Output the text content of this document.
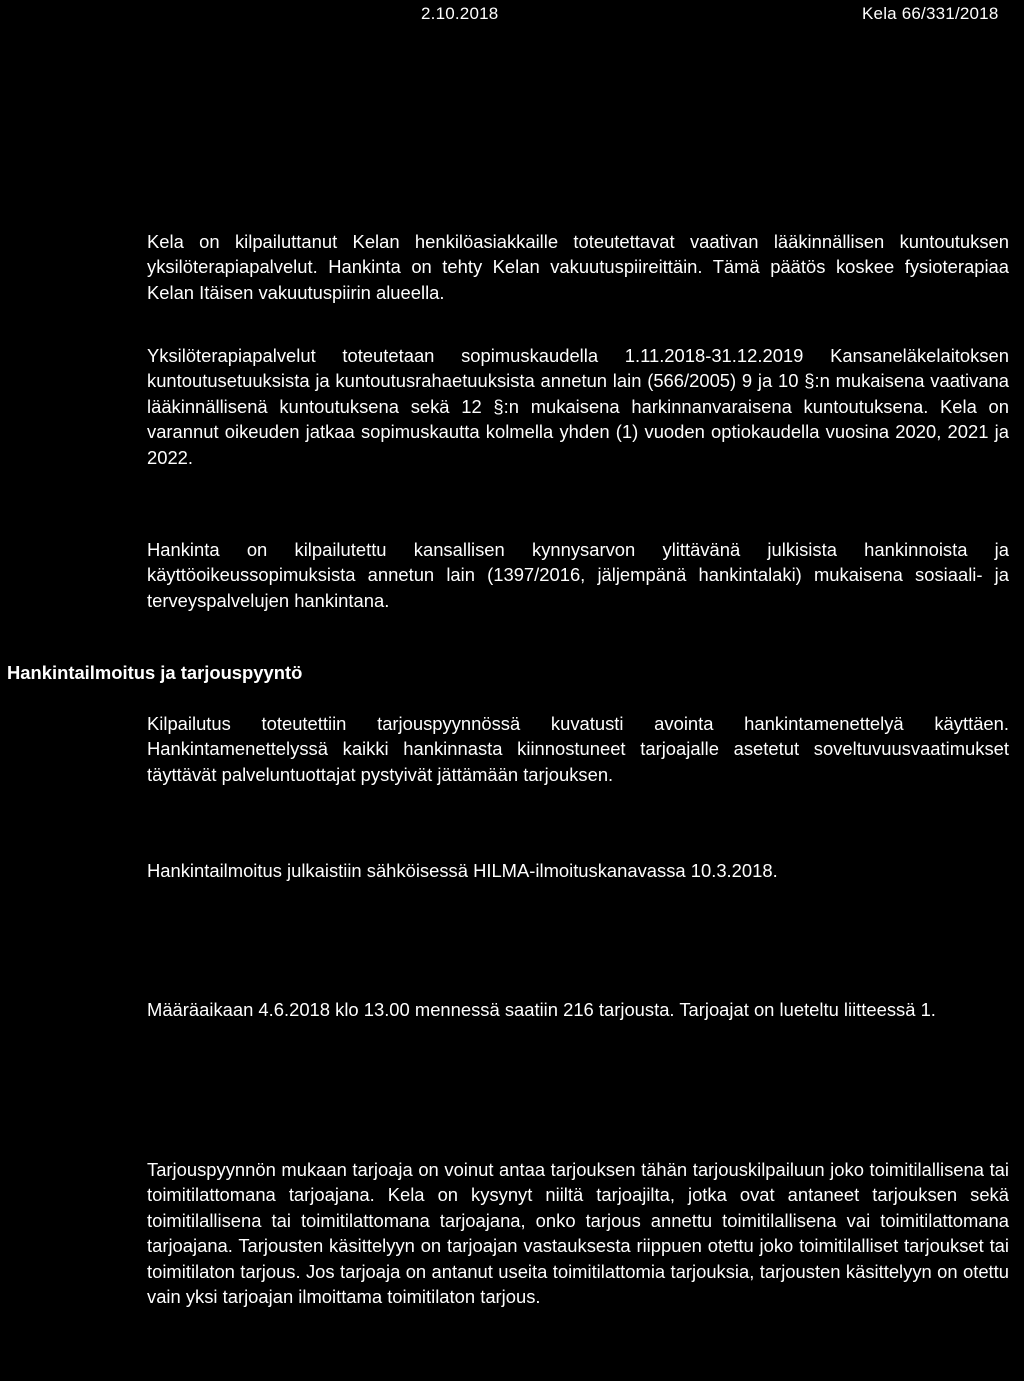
2.10.2018	Kela 66/331/2018

Kela on kilpailuttanut Kelan henkilöasiakkaille toteutettavat vaativan lääkinnällisen kuntoutuksen yksilöterapiapalvelut. Hankinta on tehty Kelan vakuutuspiireittäin. Tämä päätös koskee fysioterapiaa Kelan Itäisen vakuutuspiirin alueella.

Yksilöterapiapalvelut toteutetaan sopimuskaudella 1.11.2018-31.12.2019 Kansaneläkelaitoksen kuntoutusetuuksista ja kuntoutusrahaetuuksista annetun lain (566/2005) 9 ja 10 §:n mukaisena vaativana lääkinnällisenä kuntoutuksena sekä 12 §:n mukaisena harkinnanvaraisena kuntoutuksena. Kela on varannut oikeuden jatkaa sopimuskautta kolmella yhden (1) vuoden optiokaudella vuosina 2020, 2021 ja 2022.

Hankinta on kilpailutettu kansallisen kynnysarvon ylittävänä julkisista hankinnoista ja käyttöoikeussopimuksista annetun lain (1397/2016, jäljempänä hankintalaki) mukaisena sosiaali- ja terveyspalvelujen hankintana.

Hankintailmoitus ja tarjouspyyntö

Kilpailutus toteutettiin tarjouspyynnössä kuvatusti avointa hankintamenettelyä käyttäen. Hankintamenettelyssä kaikki hankinnasta kiinnostuneet tarjoajalle asetetut soveltuvuusvaatimukset täyttävät palveluntuottajat pystyivät jättämään tarjouksen.

Hankintailmoitus julkaistiin sähköisessä HILMA-ilmoituskanavassa 10.3.2018.

Määräaikaan 4.6.2018 klo 13.00 mennessä saatiin 216 tarjousta. Tarjoajat on lueteltu liitteessä 1.

Tarjouspyynnön mukaan tarjoaja on voinut antaa tarjouksen tähän tarjouskilpailuun joko toimitilallisena tai toimitilattomana tarjoajana. Kela on kysynyt niiltä tarjoajilta, jotka ovat antaneet tarjouksen sekä toimitilallisena tai toimitilattomana tarjoajana, onko tarjous annettu toimitilallisena vai toimitilattomana tarjoajana. Tarjousten käsittelyyn on tarjoajan vastauksesta riippuen otettu joko toimitilalliset tarjoukset tai toimitilaton tarjous. Jos tarjoaja on antanut useita toimitilattomia tarjouksia, tarjousten käsittelyyn on otettu vain yksi tarjoajan ilmoittama toimitilaton tarjous.
